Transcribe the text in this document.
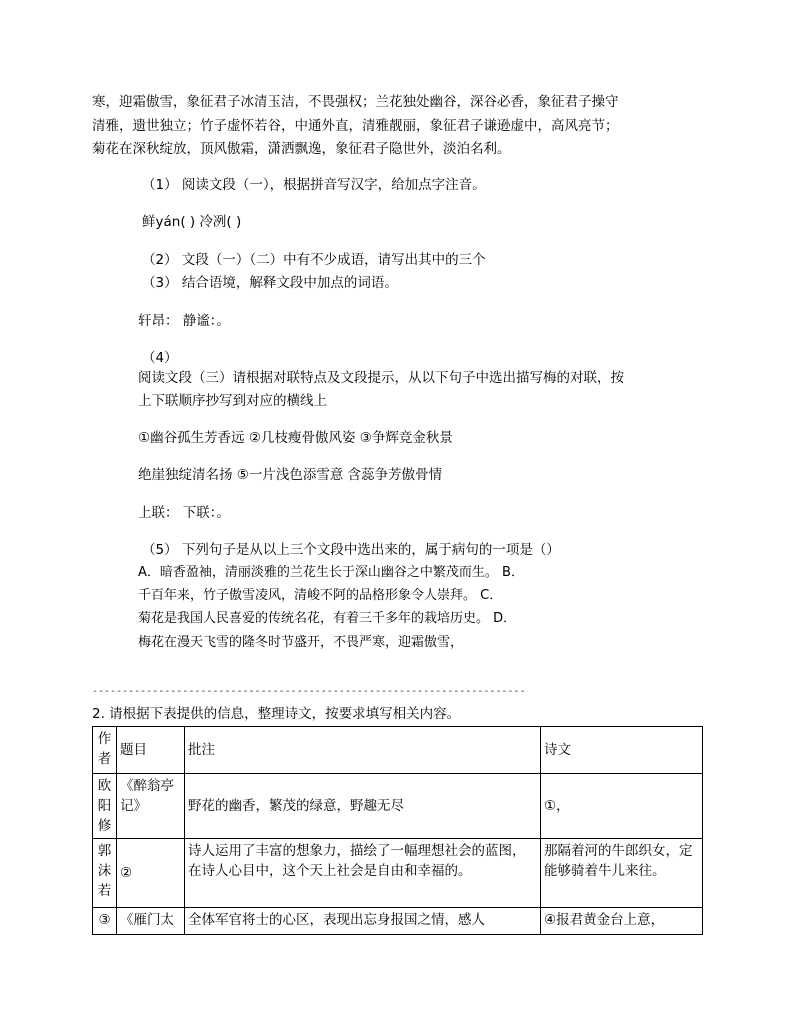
寒，迎霜傲雪，象征君子冰清玉洁，不畏强权；兰花独处幽谷，深谷必香，象征君子操守
清雅，遗世独立；竹子虚怀若谷，中通外直，清雅靓丽，象征君子谦逊虚中，高风亮节；
菊花在深秋绽放，顶风傲霜，潇洒飘逸，象征君子隐世外，淡泊名利。
（1） 阅读文段（一），根据拼音写汉字，给加点字注音。
鲜yán( ) 冷冽( )
（2） 文段（一）（二）中有不少成语，请写出其中的三个
（3） 结合语境，解释文段中加点的词语。
轩昂： 静谧：。
（4）
阅读文段（三）请根据对联特点及文段提示，从以下句子中选出描写梅的对联，按
上下联顺序抄写到对应的横线上
①幽谷孤生芳香远 ②几枝瘦骨傲风姿 ③争辉竞金秋景
绝崖独绽清名扬 ⑤一片浅色添雪意 含蕊争芳傲骨情
上联： 下联：。
（5） 下列句子是从以上三个文段中选出来的，属于病句的一项是（）
A．暗香盈袖，清丽淡雅的兰花生长于深山幽谷之中繁茂而生。 B．
千百年来，竹子傲雪凌风，清峻不阿的品格形象令人崇拜。 C．
菊花是我国人民喜爱的传统名花，有着三千多年的栽培历史。 D．
梅花在漫天飞雪的隆冬时节盛开，不畏严寒，迎霜傲雪，
------------------------------------------------------------------------
2. 请根据下表提供的信息，整理诗文，按要求填写相关内容。
作者	题目	批注	诗文
欧阳修	《醉翁亭记》	野花的幽香，繁茂的绿意，野趣无尽	①，
郭沫若	②	诗人运用了丰富的想象力，描绘了一幅理想社会的蓝图，在诗人心目中，这个天上社会是自由和幸福的。	那隔着河的牛郎织女，定能够骑着牛儿来往。
③	《雁门太	全体军官将士的心区，表现出忘身报国之情，感人	④报君黄金台上意，
